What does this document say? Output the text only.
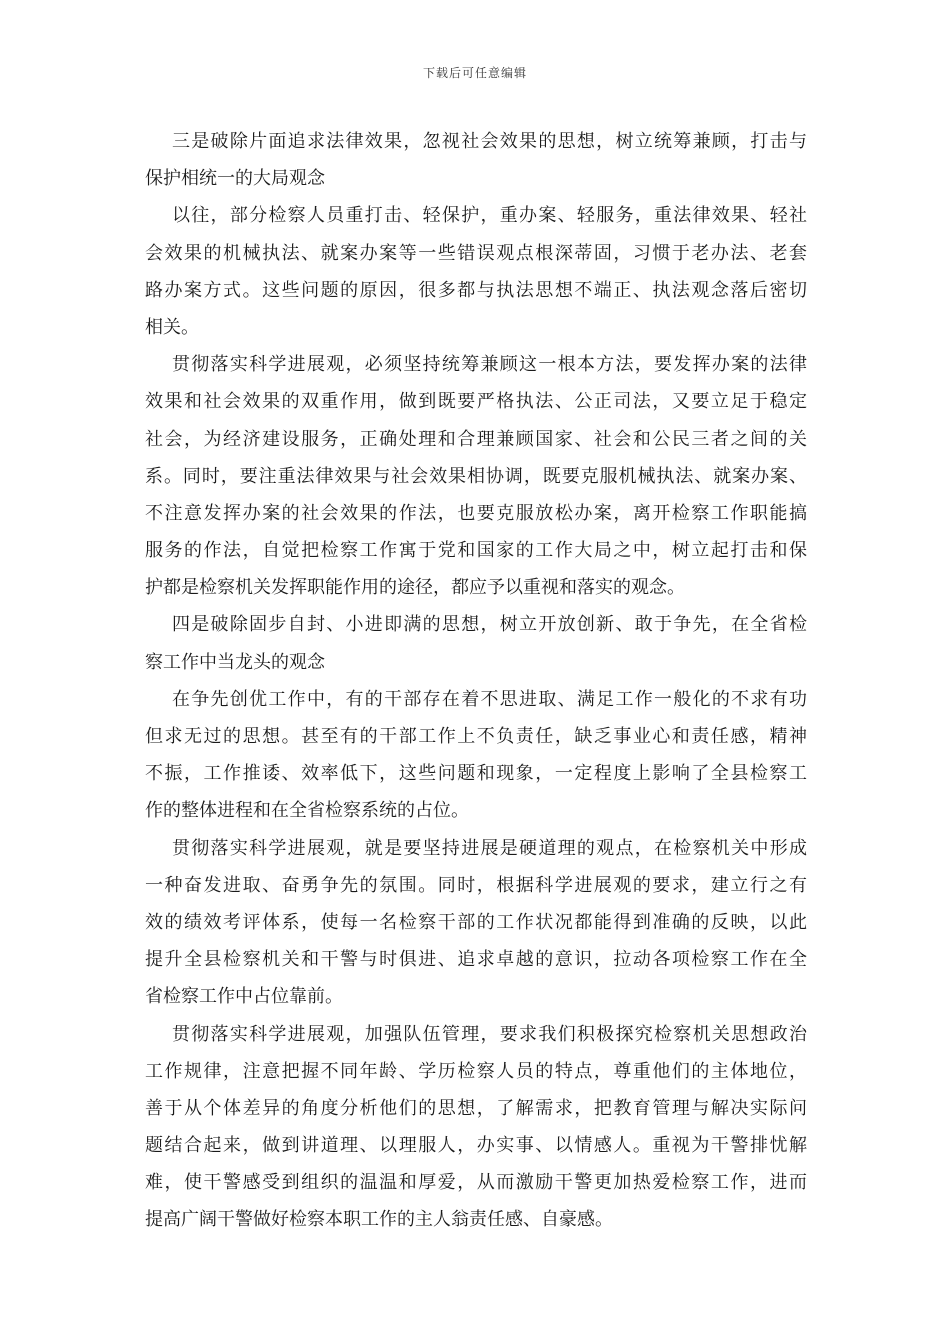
下载后可任意编辑
三是破除片面追求法律效果，忽视社会效果的思想，树立统筹兼顾，打击与
保护相统一的大局观念
以往，部分检察人员重打击、轻保护，重办案、轻服务，重法律效果、轻社
会效果的机械执法、就案办案等一些错误观点根深蒂固，习惯于老办法、老套
路办案方式。这些问题的原因，很多都与执法思想不端正、执法观念落后密切
相关。
贯彻落实科学进展观，必须坚持统筹兼顾这一根本方法，要发挥办案的法律
效果和社会效果的双重作用，做到既要严格执法、公正司法，又要立足于稳定
社会，为经济建设服务，正确处理和合理兼顾国家、社会和公民三者之间的关
系。同时，要注重法律效果与社会效果相协调，既要克服机械执法、就案办案、
不注意发挥办案的社会效果的作法，也要克服放松办案，离开检察工作职能搞
服务的作法，自觉把检察工作寓于党和国家的工作大局之中，树立起打击和保
护都是检察机关发挥职能作用的途径，都应予以重视和落实的观念。
四是破除固步自封、小进即满的思想，树立开放创新、敢于争先，在全省检
察工作中当龙头的观念
在争先创优工作中，有的干部存在着不思进取、满足工作一般化的不求有功
但求无过的思想。甚至有的干部工作上不负责任，缺乏事业心和责任感，精神
不振，工作推诿、效率低下，这些问题和现象，一定程度上影响了全县检察工
作的整体进程和在全省检察系统的占位。
贯彻落实科学进展观，就是要坚持进展是硬道理的观点，在检察机关中形成
一种奋发进取、奋勇争先的氛围。同时，根据科学进展观的要求，建立行之有
效的绩效考评体系，使每一名检察干部的工作状况都能得到准确的反映，以此
提升全县检察机关和干警与时俱进、追求卓越的意识，拉动各项检察工作在全
省检察工作中占位靠前。
贯彻落实科学进展观，加强队伍管理，要求我们积极探究检察机关思想政治
工作规律，注意把握不同年龄、学历检察人员的特点，尊重他们的主体地位，
善于从个体差异的角度分析他们的思想，了解需求，把教育管理与解决实际问
题结合起来，做到讲道理、以理服人，办实事、以情感人。重视为干警排忧解
难，使干警感受到组织的温温和厚爱，从而激励干警更加热爱检察工作，进而
提高广阔干警做好检察本职工作的主人翁责任感、自豪感。
